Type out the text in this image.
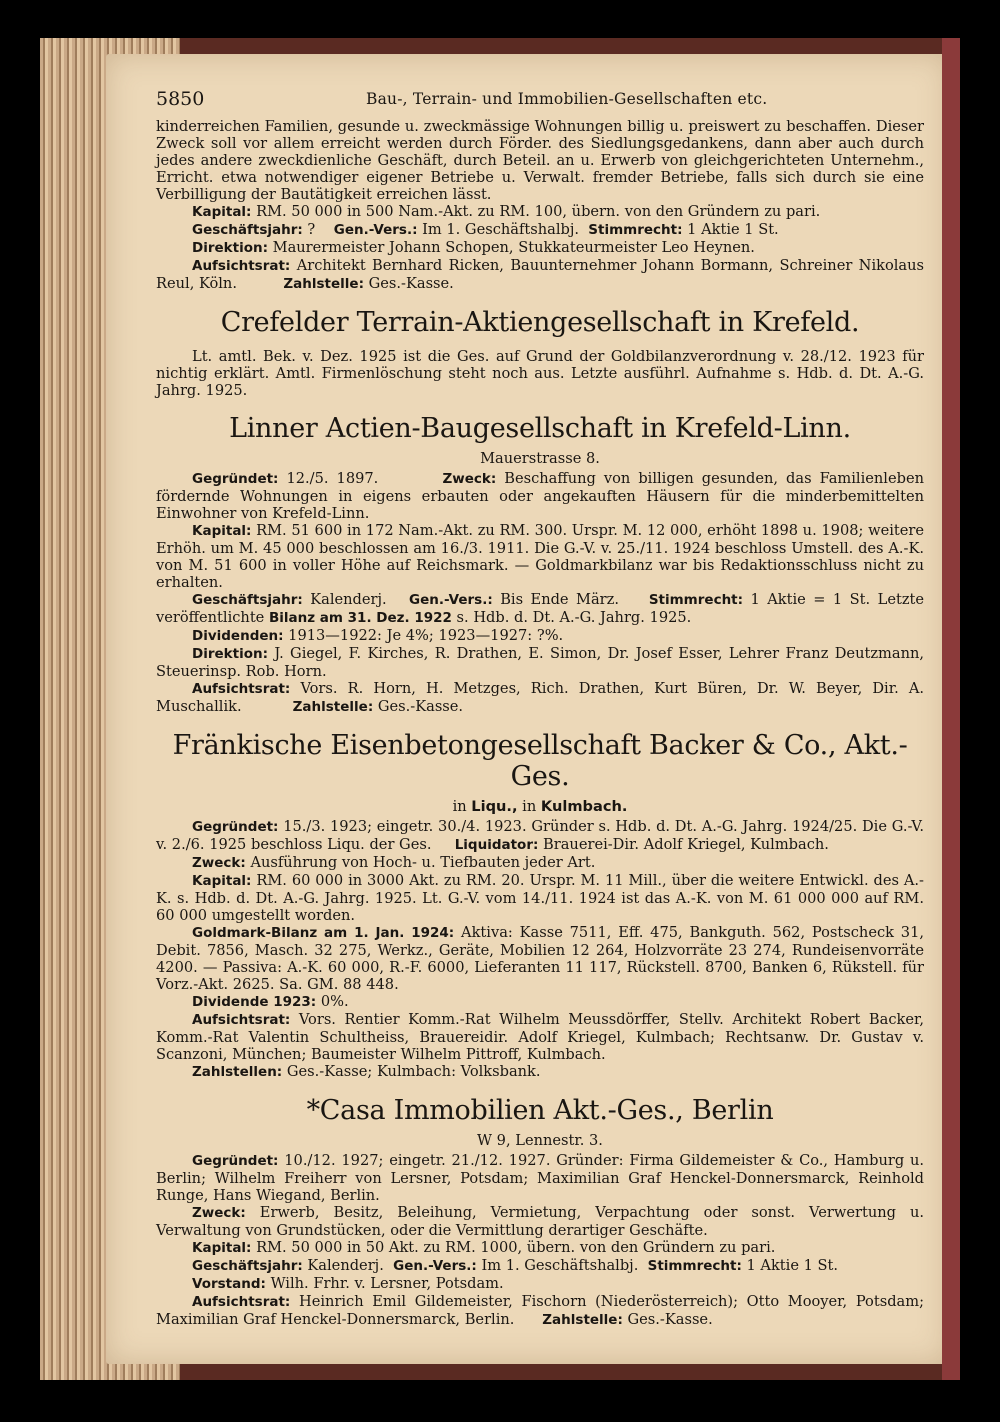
5850	Bau-, Terrain- und Immobilien-Gesellschaften etc.

kinderreichen Familien, gesunde u. zweckmässige Wohnungen billig u. preiswert zu beschaffen. Dieser Zweck soll vor allem erreicht werden durch Förder. des Siedlungsgedankens, dann aber auch durch jedes andere zweckdienliche Geschäft, durch Beteil. an u. Erwerb von gleichgerichteten Unternehm., Erricht. etwa notwendiger eigener Betriebe u. Verwalt. fremder Betriebe, falls sich durch sie eine Verbilligung der Bautätigkeit erreichen lässt.

Kapital: RM. 50 000 in 500 Nam.-Akt. zu RM. 100, übern. von den Gründern zu pari.

Geschäftsjahr: ? Gen.-Vers.: Im 1. Geschäftshalbj. Stimmrecht: 1 Aktie 1 St.

Direktion: Maurermeister Johann Schopen, Stukkateurmeister Leo Heynen.

Aufsichtsrat: Architekt Bernhard Ricken, Bauunternehmer Johann Bormann, Schreiner Nikolaus Reul, Köln.	Zahlstelle: Ges.-Kasse.

Crefelder Terrain-Aktiengesellschaft in Krefeld.

Lt. amtl. Bek. v. Dez. 1925 ist die Ges. auf Grund der Goldbilanzverordnung v. 28./12. 1923 für nichtig erklärt. Amtl. Firmenlöschung steht noch aus. Letzte ausführl. Aufnahme s. Hdb. d. Dt. A.-G. Jahrg. 1925.

Linner Actien-Baugesellschaft in Krefeld-Linn.
Mauerstrasse 8.

Gegründet: 12./5. 1897.	Zweck: Beschaffung von billigen gesunden, das Familienleben fördernde Wohnungen in eigens erbauten oder angekauften Häusern für die minderbemittelten Einwohner von Krefeld-Linn.

Kapital: RM. 51 600 in 172 Nam.-Akt. zu RM. 300. Urspr. M. 12 000, erhöht 1898 u. 1908; weitere Erhöh. um M. 45 000 beschlossen am 16./3. 1911. Die G.-V. v. 25./11. 1924 beschloss Umstell. des A.-K. von M. 51 600 in voller Höhe auf Reichsmark. — Goldmarkbilanz war bis Redaktionsschluss nicht zu erhalten.

Geschäftsjahr: Kalenderj. Gen.-Vers.: Bis Ende März. Stimmrecht: 1 Aktie = 1 St. Letzte veröffentlichte Bilanz am 31. Dez. 1922 s. Hdb. d. Dt. A.-G. Jahrg. 1925.

Dividenden: 1913—1922: Je 4%; 1923—1927: ?%.

Direktion: J. Giegel, F. Kirches, R. Drathen, E. Simon, Dr. Josef Esser, Lehrer Franz Deutzmann, Steuerinsp. Rob. Horn.

Aufsichtsrat: Vors. R. Horn, H. Metzges, Rich. Drathen, Kurt Büren, Dr. W. Beyer, Dir. A. Muschallik.	Zahlstelle: Ges.-Kasse.

Fränkische Eisenbetongesellschaft Backer & Co., Akt.-Ges.
in Liqu., in Kulmbach.

Gegründet: 15./3. 1923; eingetr. 30./4. 1923. Gründer s. Hdb. d. Dt. A.-G. Jahrg. 1924/25. Die G.-V. v. 2./6. 1925 beschloss Liqu. der Ges. Liquidator: Brauerei-Dir. Adolf Kriegel, Kulmbach.

Zweck: Ausführung von Hoch- u. Tiefbauten jeder Art.

Kapital: RM. 60 000 in 3000 Akt. zu RM. 20. Urspr. M. 11 Mill., über die weitere Entwickl. des A.-K. s. Hdb. d. Dt. A.-G. Jahrg. 1925. Lt. G.-V. vom 14./11. 1924 ist das A.-K. von M. 61 000 000 auf RM. 60 000 umgestellt worden.

Goldmark-Bilanz am 1. Jan. 1924: Aktiva: Kasse 7511, Eff. 475, Bankguth. 562, Postscheck 31, Debit. 7856, Masch. 32 275, Werkz., Geräte, Mobilien 12 264, Holzvorräte 23 274, Rundeisenvorräte 4200. — Passiva: A.-K. 60 000, R.-F. 6000, Lieferanten 11 117, Rückstell. 8700, Banken 6, Rükstell. für Vorz.-Akt. 2625. Sa. GM. 88 448.

Dividende 1923: 0%.

Aufsichtsrat: Vors. Rentier Komm.-Rat Wilhelm Meussdörffer, Stellv. Architekt Robert Backer, Komm.-Rat Valentin Schultheiss, Brauereidir. Adolf Kriegel, Kulmbach; Rechtsanw. Dr. Gustav v. Scanzoni, München; Baumeister Wilhelm Pittroff, Kulmbach.

Zahlstellen: Ges.-Kasse; Kulmbach: Volksbank.

*Casa Immobilien Akt.-Ges., Berlin
W 9, Lennestr. 3.

Gegründet: 10./12. 1927; eingetr. 21./12. 1927. Gründer: Firma Gildemeister & Co., Hamburg u. Berlin; Wilhelm Freiherr von Lersner, Potsdam; Maximilian Graf Henckel-Donnersmarck, Reinhold Runge, Hans Wiegand, Berlin.

Zweck: Erwerb, Besitz, Beleihung, Vermietung, Verpachtung oder sonst. Verwertung u. Verwaltung von Grundstücken, oder die Vermittlung derartiger Geschäfte.

Kapital: RM. 50 000 in 50 Akt. zu RM. 1000, übern. von den Gründern zu pari.

Geschäftsjahr: Kalenderj. Gen.-Vers.: Im 1. Geschäftshalbj. Stimmrecht: 1 Aktie 1 St.

Vorstand: Wilh. Frhr. v. Lersner, Potsdam.

Aufsichtsrat: Heinrich Emil Gildemeister, Fischorn (Niederösterreich); Otto Mooyer, Potsdam; Maximilian Graf Henckel-Donnersmarck, Berlin. Zahlstelle: Ges.-Kasse.
